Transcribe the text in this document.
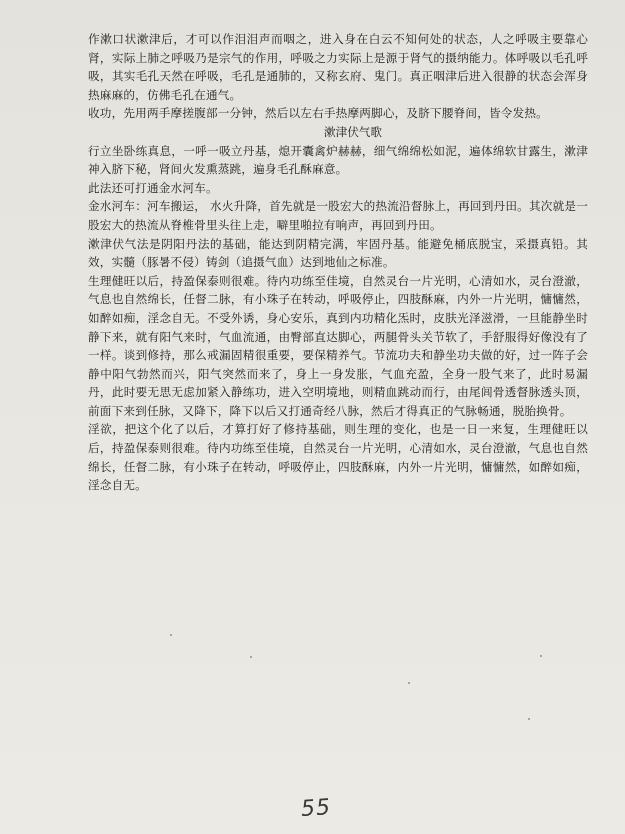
作漱口状漱津后，才可以作泪泪声而咽之，进入身在白云不知何处的状态，人之呼吸主要靠心肾，实际上肺之呼吸乃是宗气的作用，呼吸之力实际上是源于肾气的摄纳能力。体呼吸以毛孔呼吸，其实毛孔天然在呼吸，毛孔是通肺的，又称玄府、鬼门。真正咽津后进入很静的状态会浑身热麻麻的，仿佛毛孔在通气。

收功，先用两手摩搓腹部一分钟，然后以左右手热摩两脚心，及脐下腰脊间，皆令发热。

漱津伏气歌

行立坐卧练真息，一呼一吸立丹基，熄开囊禽炉赫赫，细气绵绵松如泥，遍体绵软甘露生，漱津神入脐下秘，肾间火发熏蒸跳，遍身毛孔酥麻意。

此法还可打通金水河车。

金水河车：河车搬运， 水火升降，首先就是一股宏大的热流沿督脉上，再回到丹田。其次就是一股宏大的热流从脊椎骨里头往上走，噼里啪拉有响声，再回到丹田。

漱津伏气法是阴阳丹法的基础，能达到阴精完满，牢固丹基。能避免桶底脱宝，采摄真铅。其效，实髓（豚暑不侵）铸剑（追摄气血）达到地仙之标准。

生理健旺以后，持盈保泰则很难。待内功练至佳境，自然灵台一片光明，心清如水，灵台澄澈，气息也自然绵长，任督二脉，有小珠子在转动，呼吸停止，四肢酥麻，内外一片光明，慵慵然，如醉如痴，淫念自无。不受外诱，身心安乐，真到内功精化炁时，皮肤光泽滋滑，一旦能静坐时静下来，就有阳气来时，气血流通，由臀部直达脚心，两腿骨头关节软了，手舒服得好像没有了一样。谈到修持，那么戒漏固精很重要，要保精养气。节流功夫和静坐功夫做的好，过一阵子会静中阳气勃然而兴，阳气突然而来了，身上一身发胀，气血充盈，全身一股气来了，此时易漏丹，此时要无思无虑加紧入静练功，进入空明境地，则精血跳动而行，由尾闾骨透督脉透头顶，前面下来到任脉，又降下，降下以后又打通奇经八脉，然后才得真正的气脉畅通，脱胎换骨。

淫欲，把这个化了以后，才算打好了修持基础，则生理的变化，也是一日一来复，生理健旺以后，持盈保泰则很难。待内功练至佳境，自然灵台一片光明，心清如水，灵台澄澈，气息也自然绵长，任督二脉，有小珠子在转动，呼吸停止，四肢酥麻，内外一片光明，慵慵然，如醉如痴，淫念自无。

55
